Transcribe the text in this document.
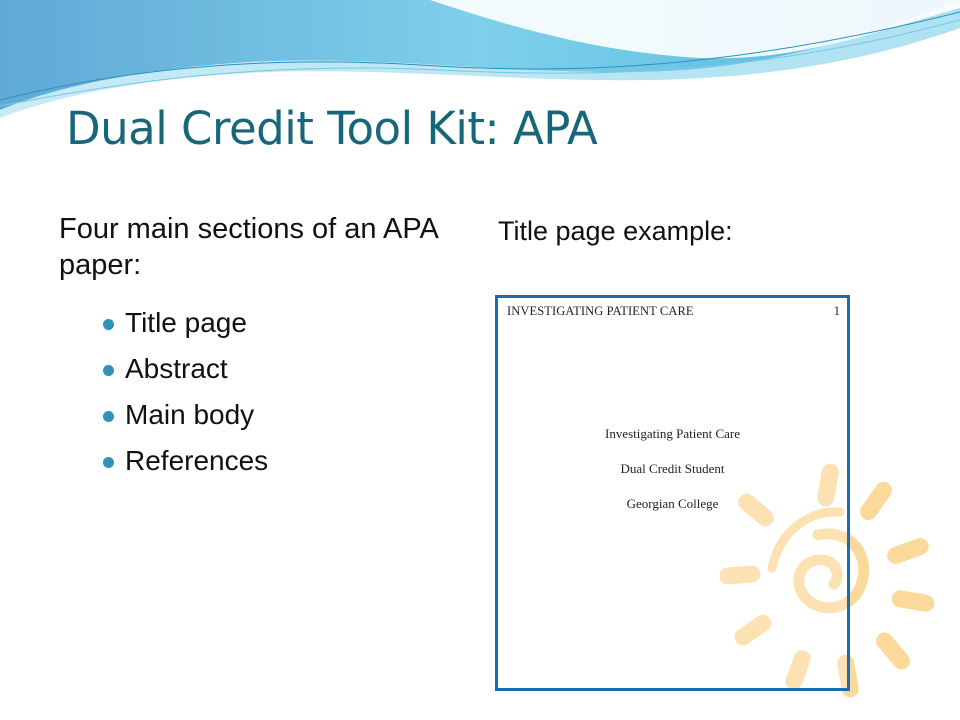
Dual Credit Tool Kit: APA
Four main sections of an APA paper:
Title page
Abstract
Main body
References
Title page example:
INVESTIGATING PATIENT CARE	1
Investigating Patient Care
Dual Credit Student
Georgian College
